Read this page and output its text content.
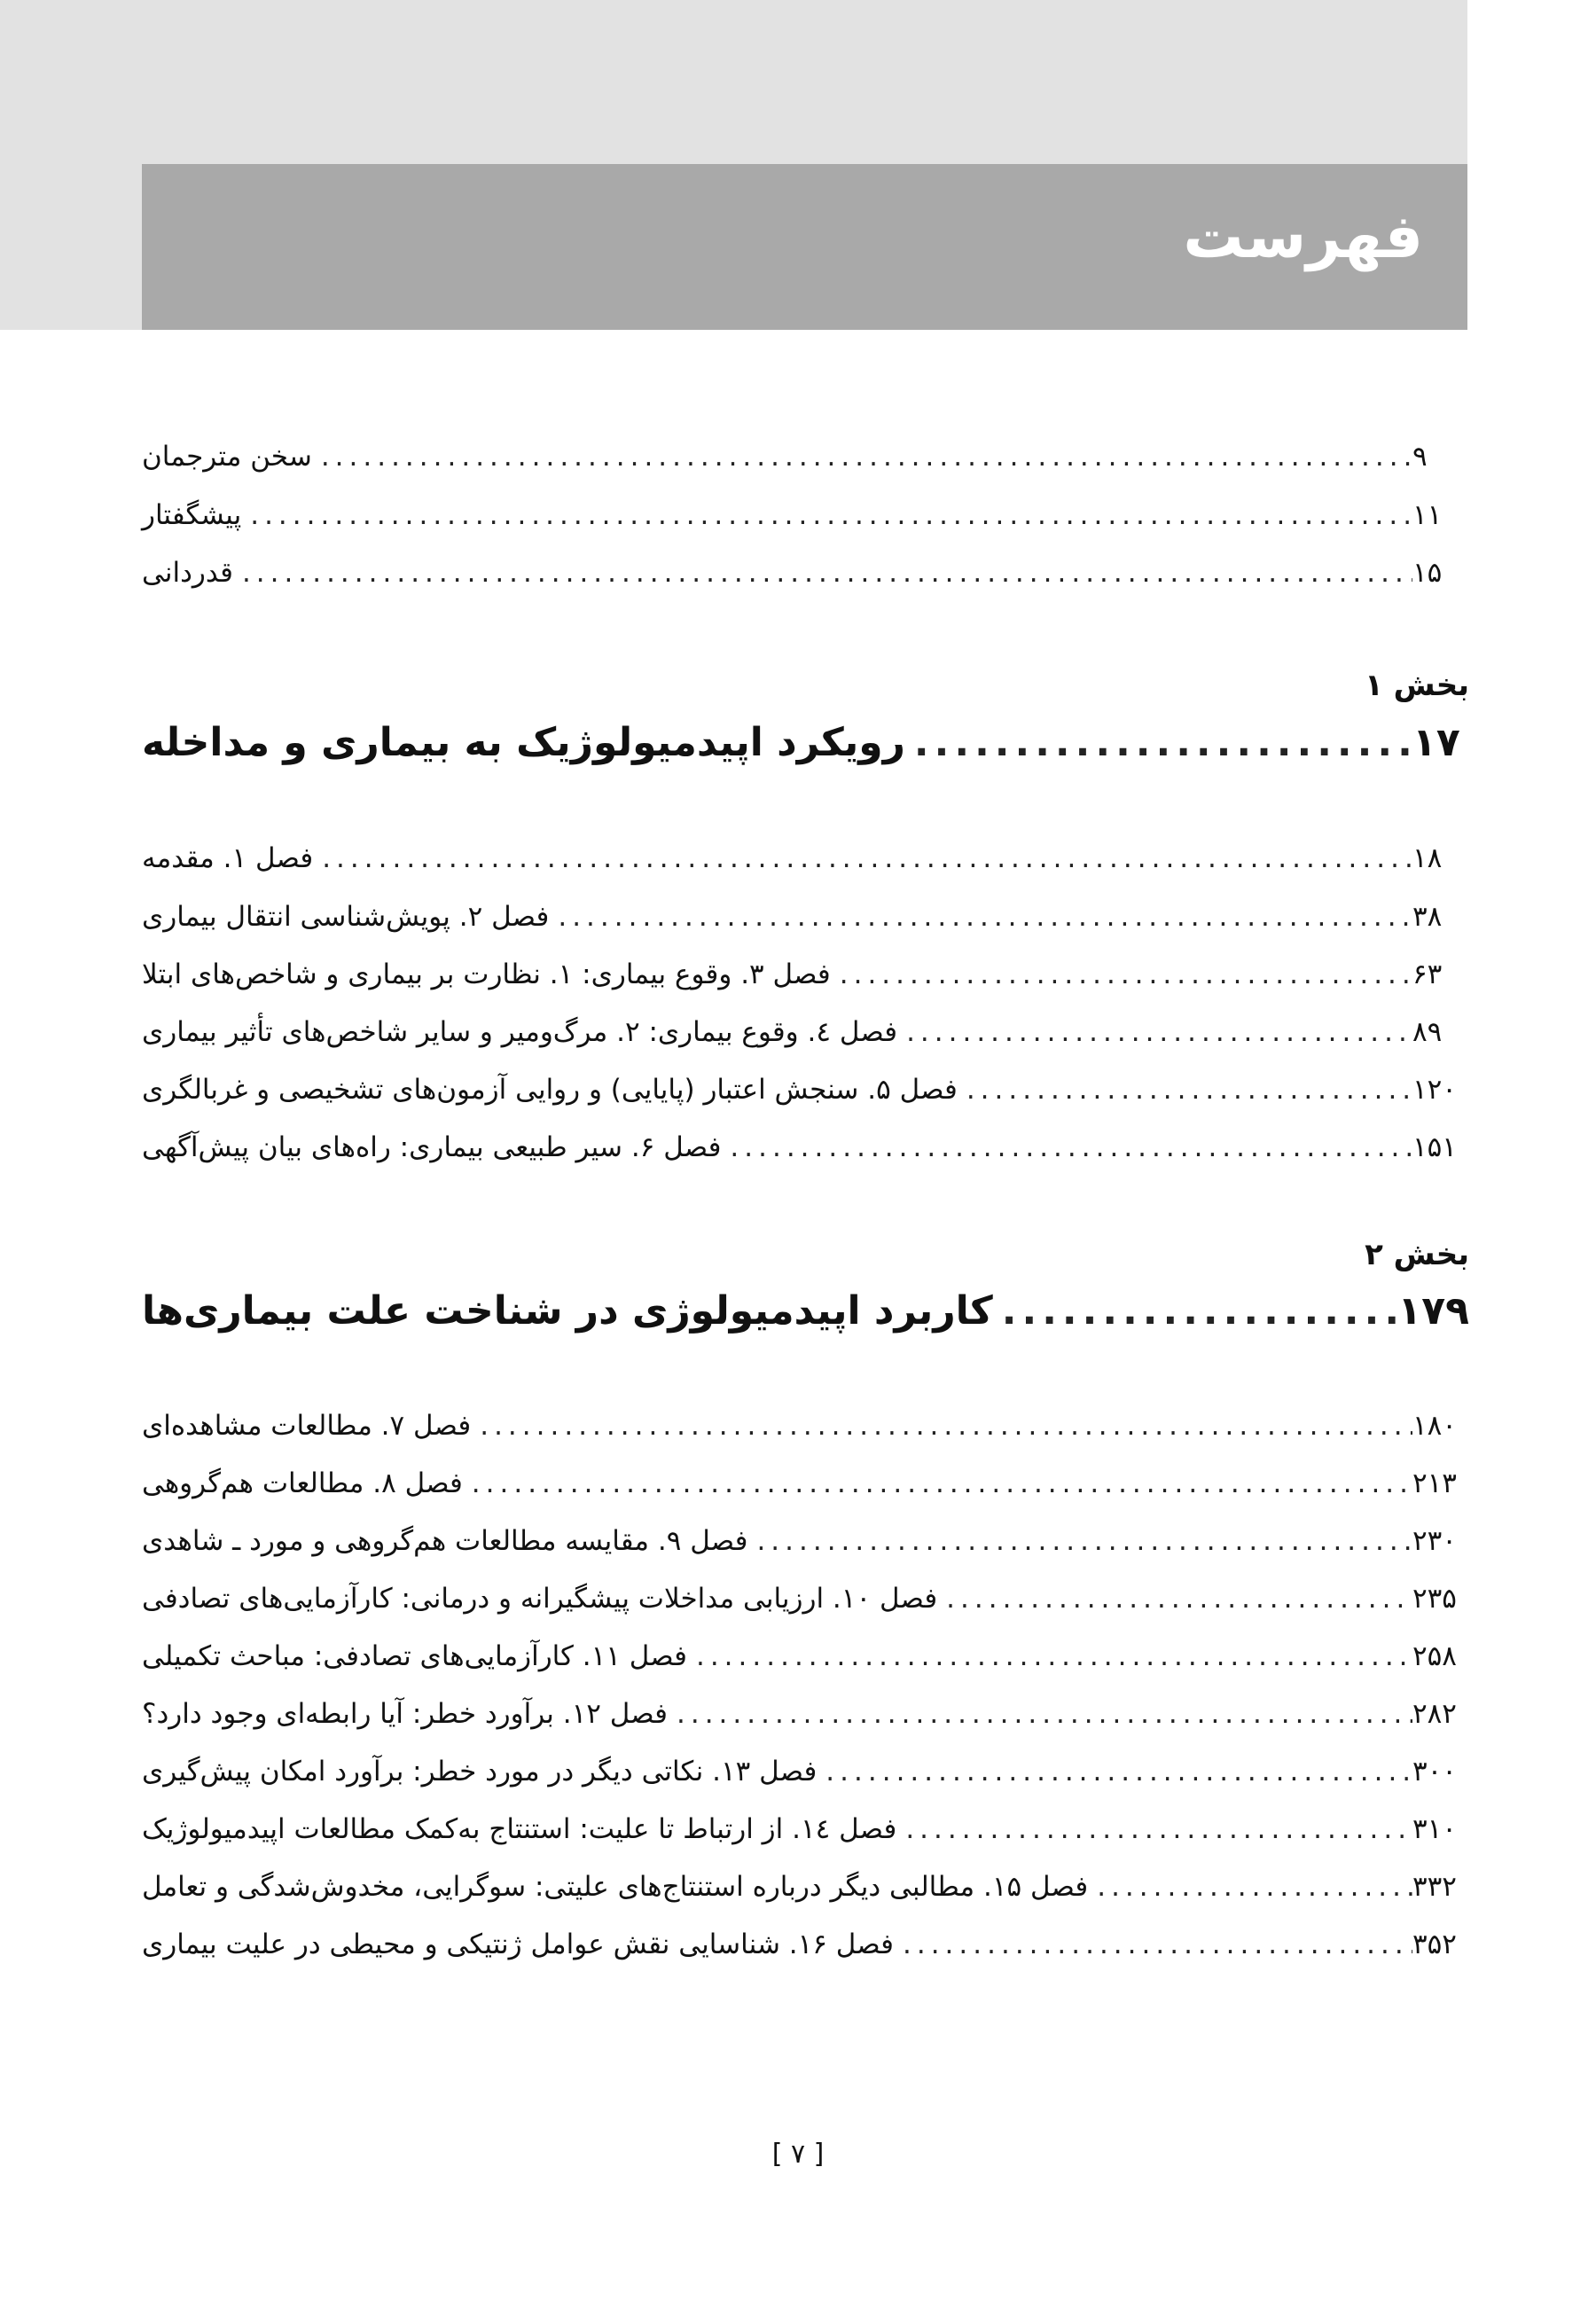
فهرست
سخن مترجمان .....	۹
پیشگفتار .....	۱۱
قدردانی .....	۱۵
بخش ۱
رویکرد اپیدمیولوژیک به بیماری و مداخله .....	۱۷
فصل ۱. مقدمه .....	۱۸
فصل ۲. پویش‌شناسی انتقال بیماری .....	۳۸
فصل ۳. وقوع بیماری: ۱. نظارت بر بیماری و شاخص‌های ابتلا .....	۶۳
فصل ٤. وقوع بیماری: ۲. مرگ‌ومیر و سایر شاخص‌های تأثیر بیماری .....	۸۹
فصل ۵. سنجش اعتبار (پایایی) و روایی آزمون‌های تشخیصی و غربالگری .....	۱۲۰
فصل ۶. سیر طبیعی بیماری: راه‌های بیان پیش‌آگهی .....	۱۵۱
بخش ۲
کاربرد اپیدمیولوژی در شناخت علت بیماری‌ها .....	۱۷۹
فصل ۷. مطالعات مشاهده‌ای .....	۱۸۰
فصل ۸. مطالعات هم‌گروهی .....	۲۱۳
فصل ۹. مقایسه مطالعات هم‌گروهی و مورد ـ شاهدی .....	۲۳۰
فصل ۱۰. ارزیابی مداخلات پیشگیرانه و درمانی: کارآزمایی‌های تصادفی .....	۲۳۵
فصل ۱۱. کارآزمایی‌های تصادفی: مباحث تکمیلی .....	۲۵۸
فصل ۱۲. برآورد خطر: آیا رابطه‌ای وجود دارد؟ .....	۲۸۲
فصل ۱۳. نکاتی دیگر در مورد خطر: برآورد امکان پیش‌گیری .....	۳۰۰
فصل ۱٤. از ارتباط تا علیت: استنتاج به‌کمک مطالعات اپیدمیولوژیک .....	۳۱۰
فصل ۱۵. مطالبی دیگر درباره استنتاج‌های علیتی: سوگرایی، مخدوش‌شدگی و تعامل .....	۳۳۲
فصل ۱۶. شناسایی نقش عوامل ژنتیکی و محیطی در علیت بیماری .....	۳۵۲
[ ۷ ]
